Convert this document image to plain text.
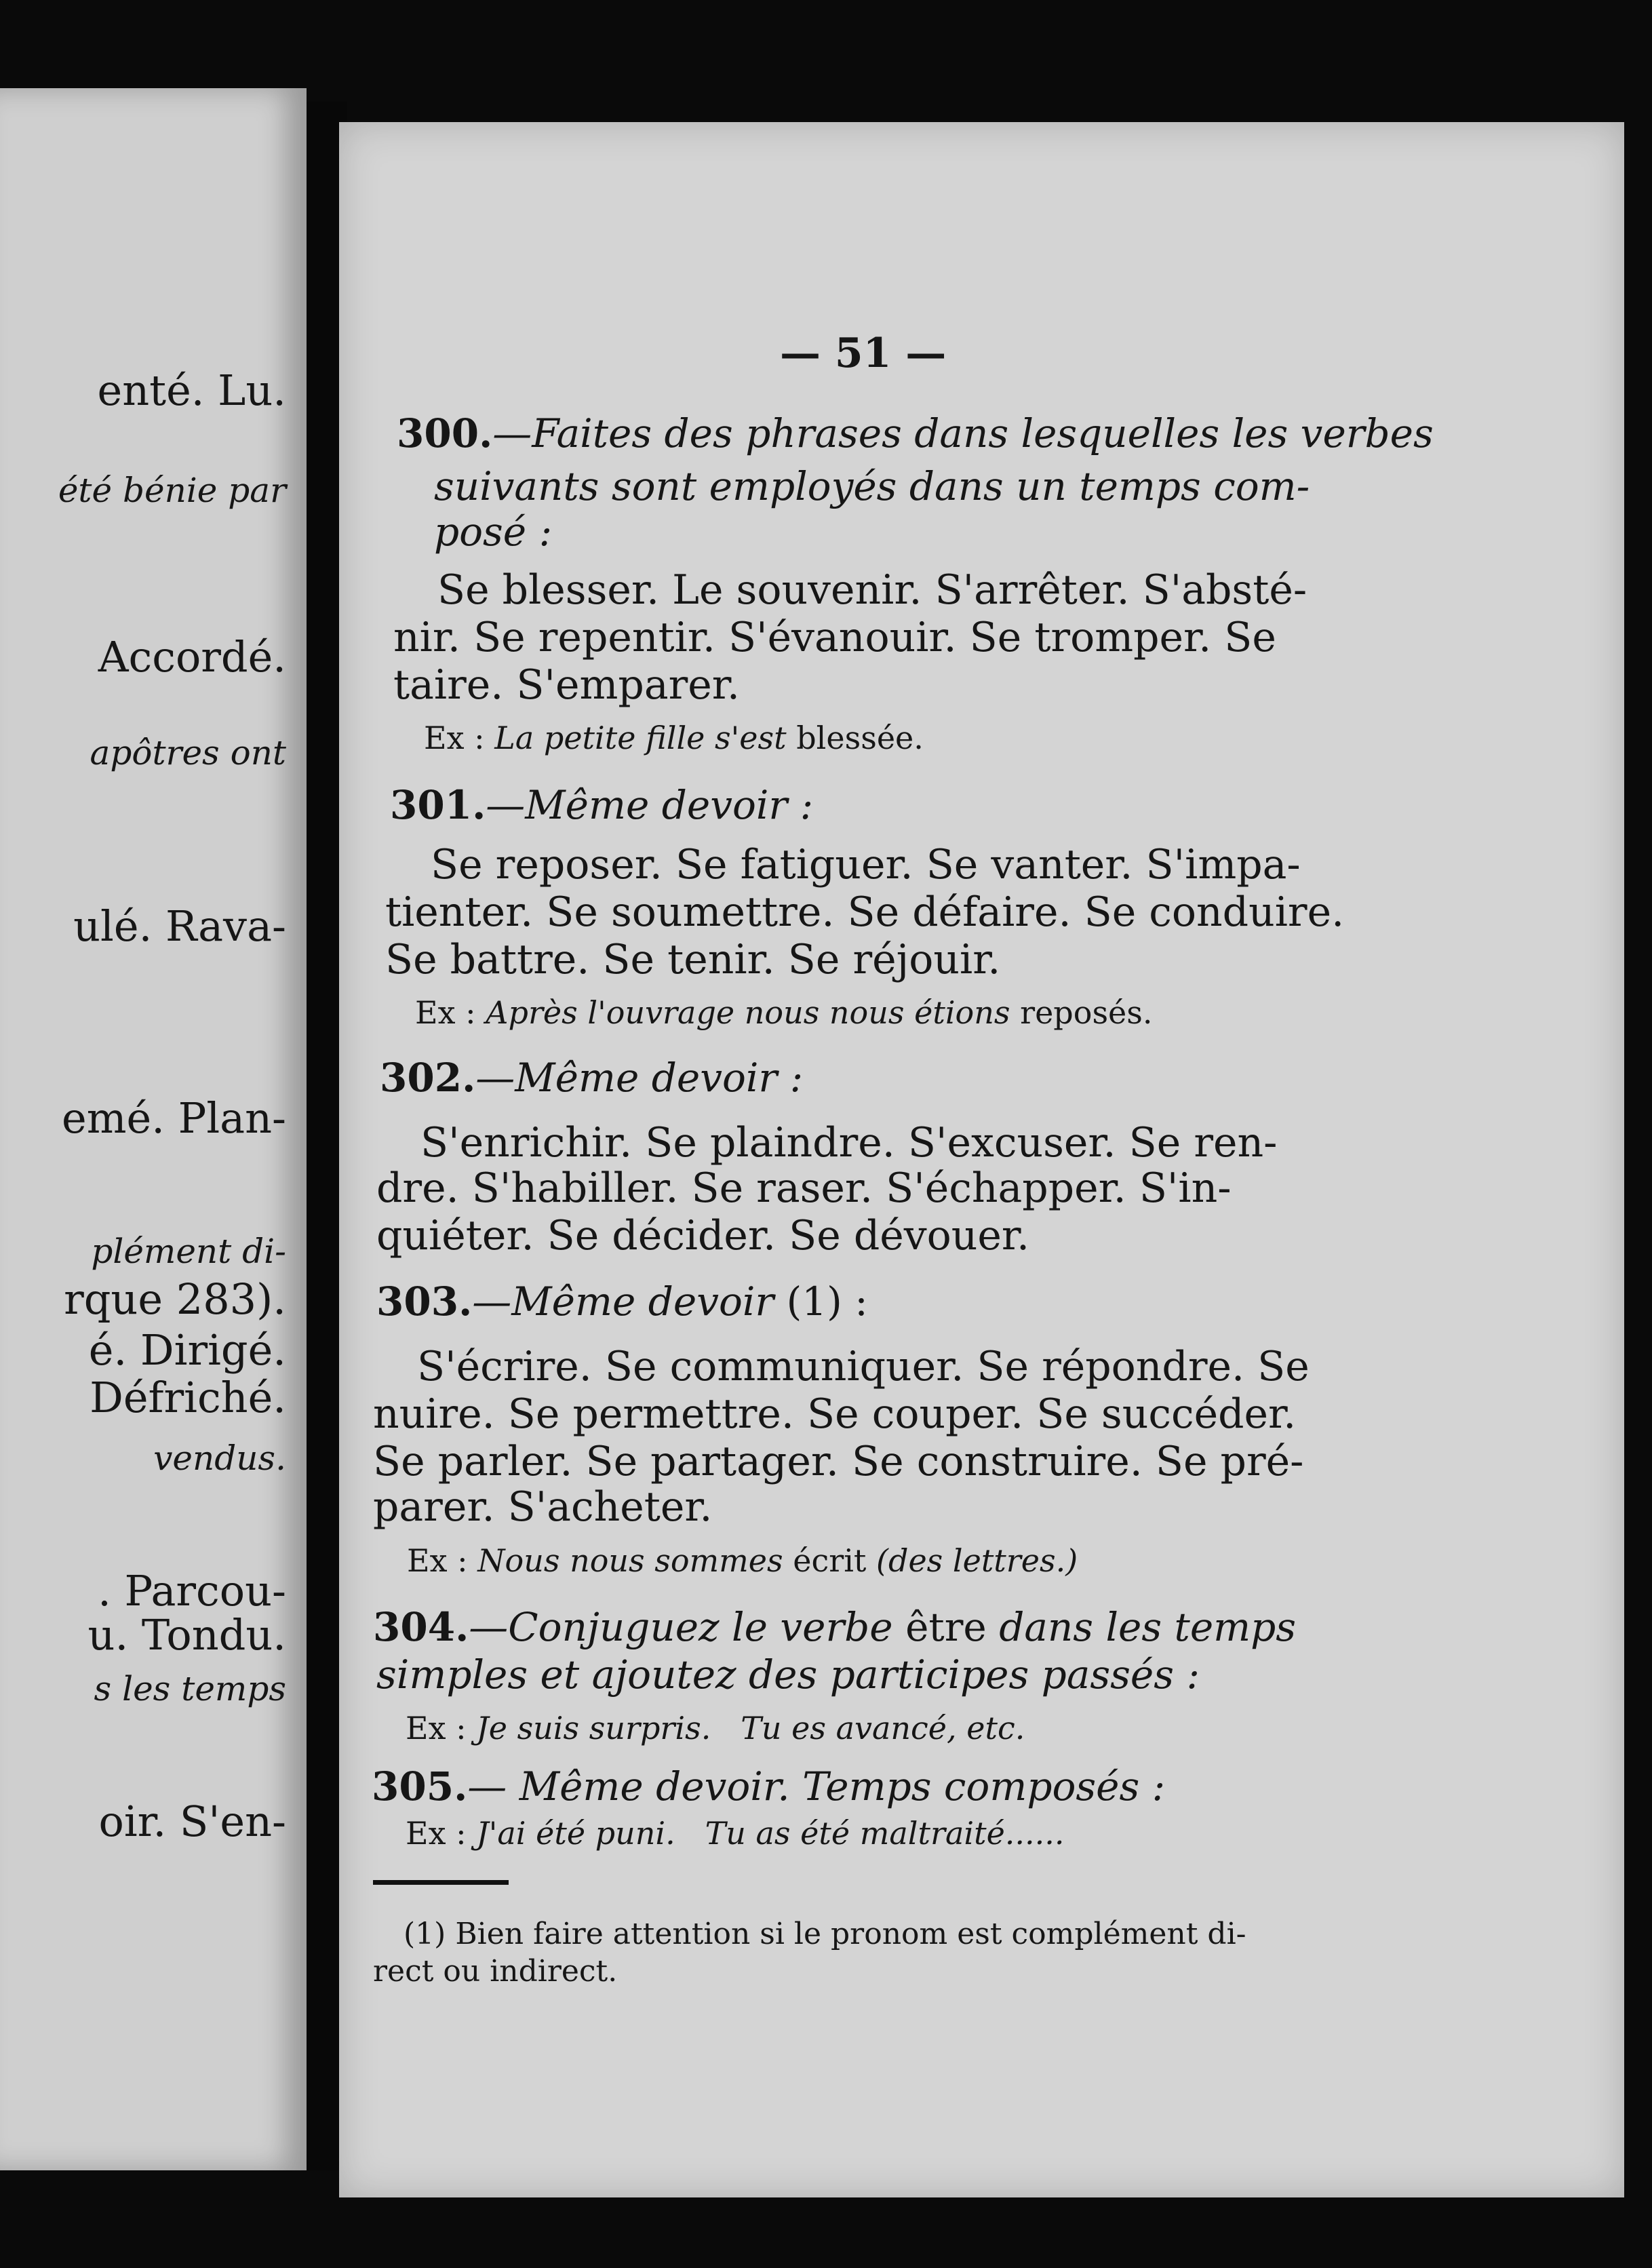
enté. Lu.
été bénie par
Accordé.
apôtres ont
ulé. Rava-
emé. Plan-
plément di-
rque 283).
é. Dirigé.
Défriché.
vendus.
. Parcou-
u. Tondu.
s les temps
oir. S'en-
— 51 —
300.—Faites des phrases dans lesquelles les verbes
suivants sont employés dans un temps com-
posé :
Se blesser. Le souvenir. S'arrêter. S'absté-
nir. Se repentir. S'évanouir. Se tromper. Se
taire. S'emparer.
Ex : La petite fille s'est blessée.
301.—Même devoir :
Se reposer. Se fatiguer. Se vanter. S'impa-
tienter. Se soumettre. Se défaire. Se conduire.
Se battre. Se tenir. Se réjouir.
Ex : Après l'ouvrage nous nous étions reposés.
302.—Même devoir :
S'enrichir. Se plaindre. S'excuser. Se ren-
dre. S'habiller. Se raser. S'échapper. S'in-
quiéter. Se décider. Se dévouer.
303.—Même devoir (1) :
S'écrire. Se communiquer. Se répondre. Se
nuire. Se permettre. Se couper. Se succéder.
Se parler. Se partager. Se construire. Se pré-
parer. S'acheter.
Ex : Nous nous sommes écrit (des lettres.)
304.—Conjuguez le verbe être dans les temps
simples et ajoutez des participes passés :
Ex : Je suis surpris.   Tu es avancé, etc.
305.— Même devoir. Temps composés :
Ex : J'ai été puni.   Tu as été maltraité......
(1) Bien faire attention si le pronom est complément di-
rect ou indirect.
